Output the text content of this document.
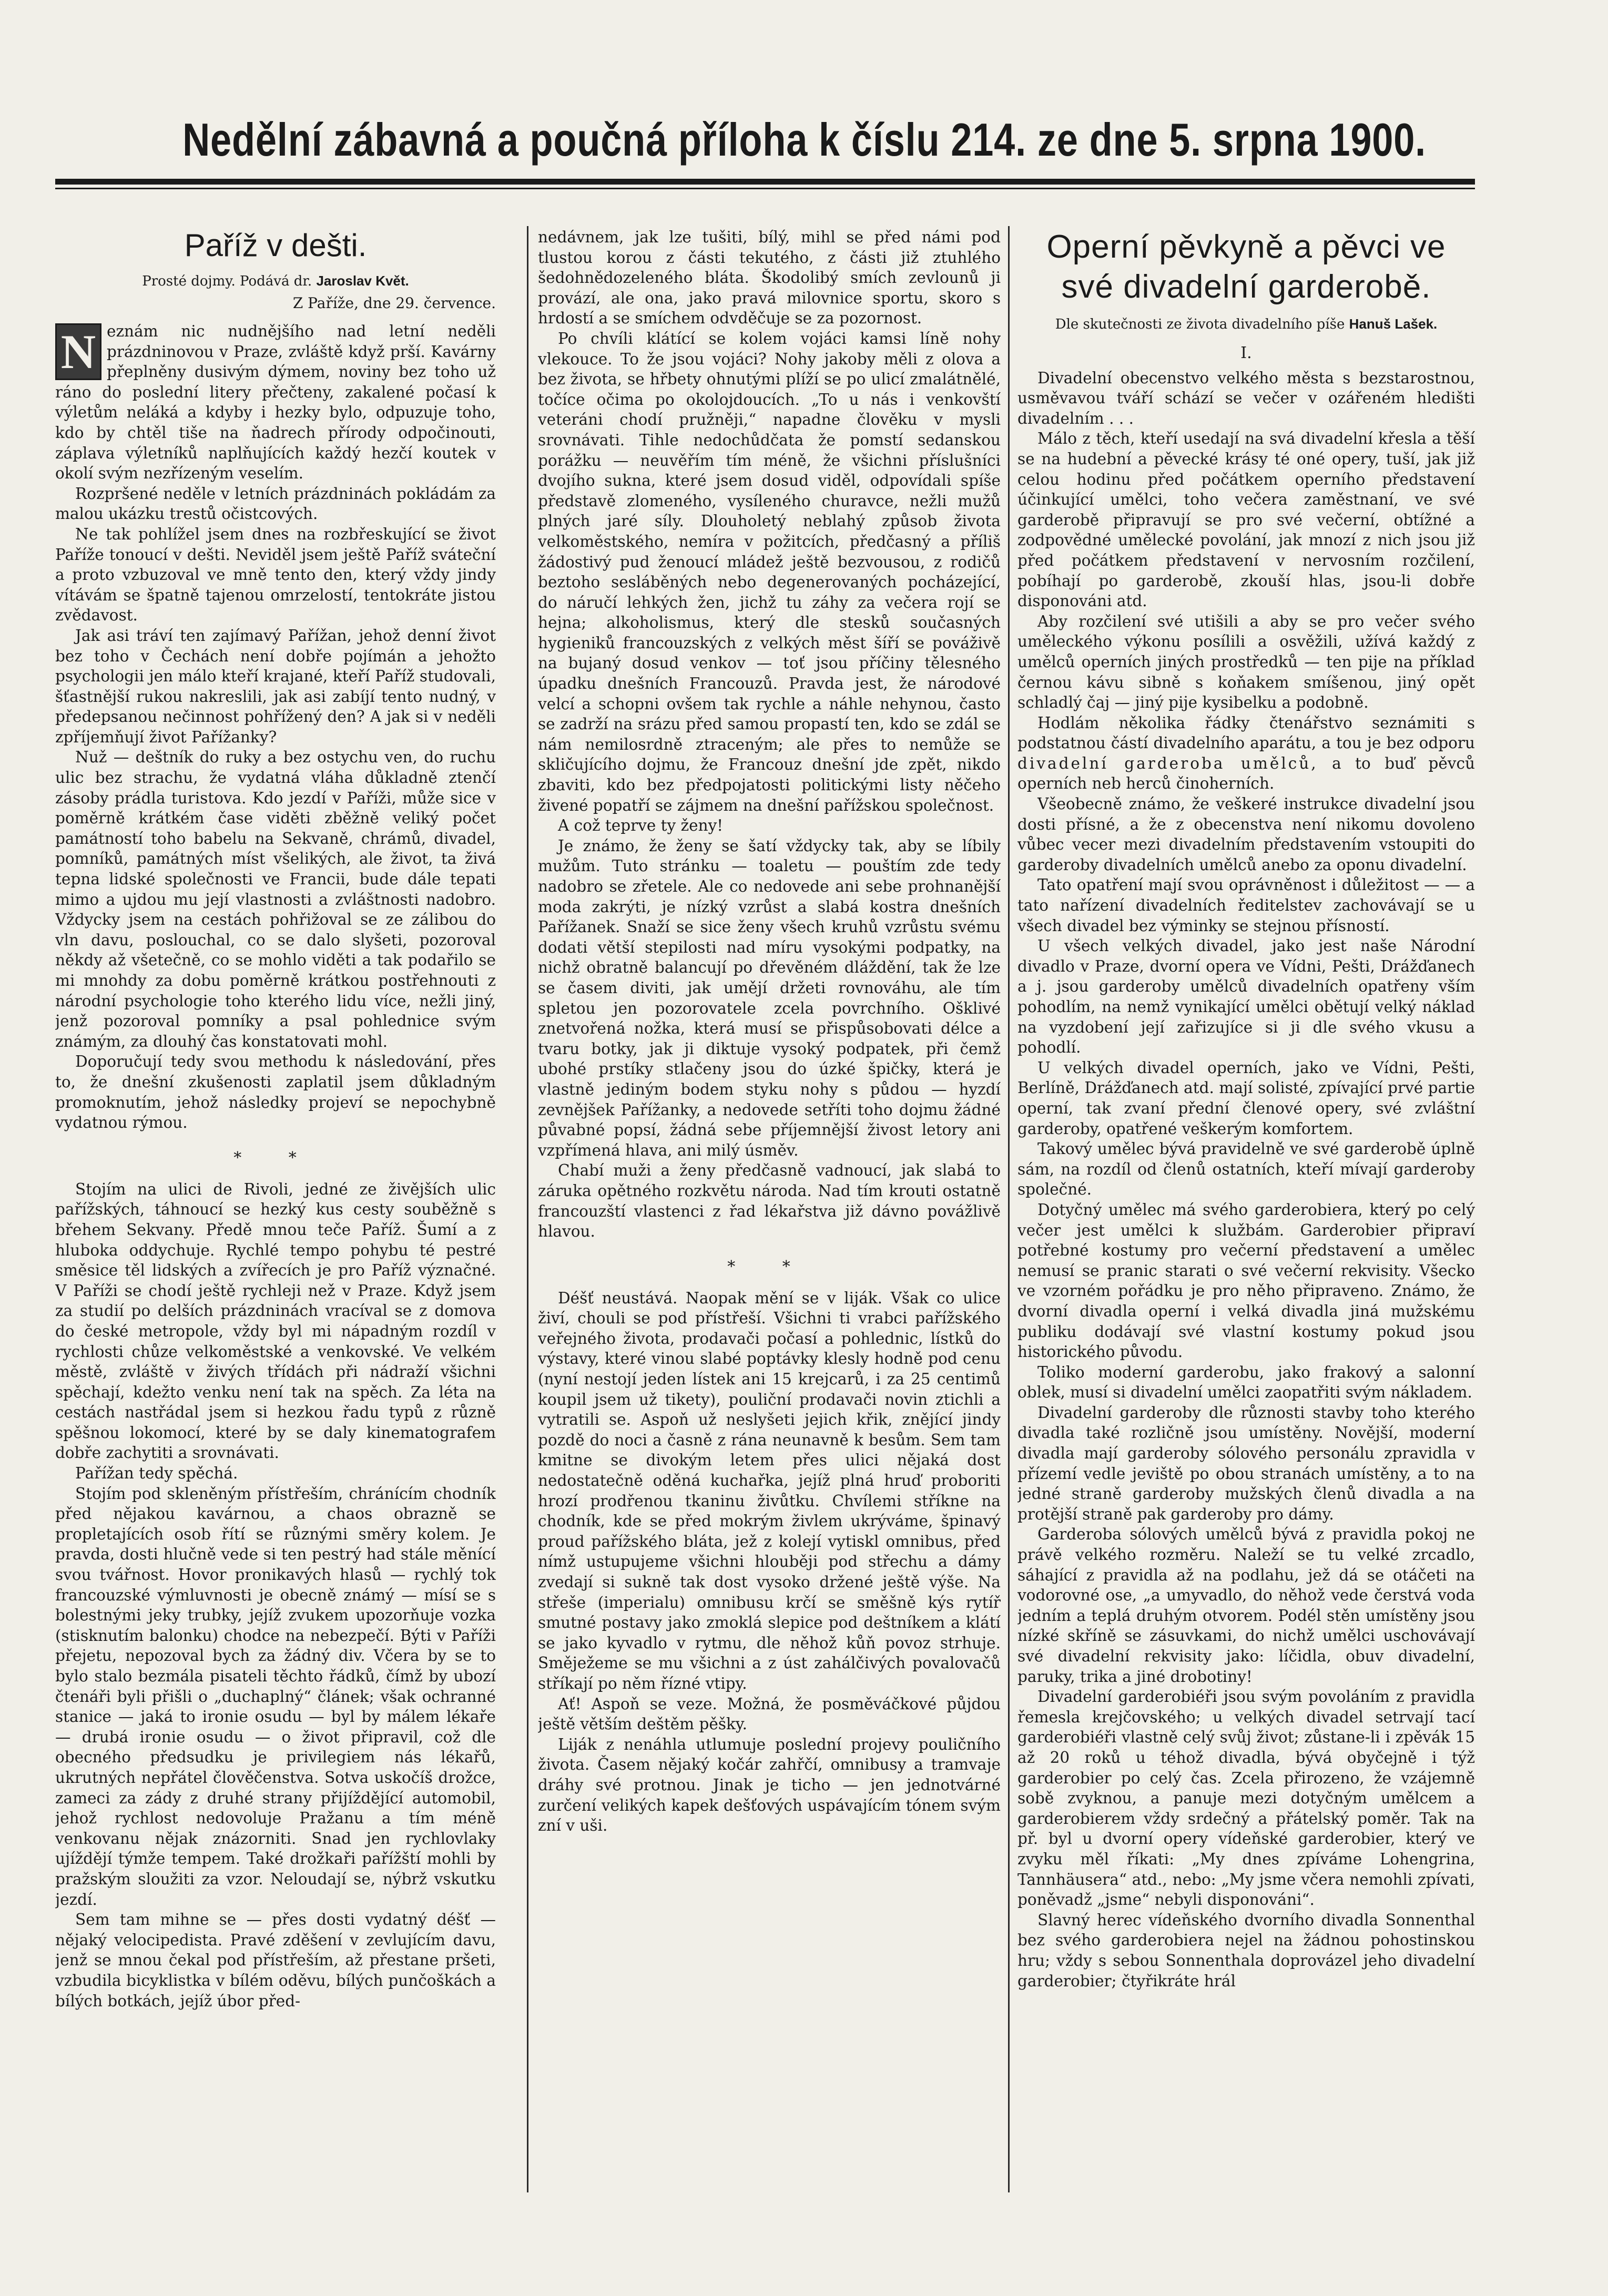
Nedělní zábavná a poučná příloha k číslu 214. ze dne 5. srpna 1900.
Paříž v dešti.
Prosté dojmy. Podává dr. Jaroslav Květ.
Z Paříže, dne 29. července.

N eznám nic nudnějšího nad letní neděli prázdninovou v Praze, zvláště když prší. Kavárny přeplněny dusivým dýmem, noviny bez toho už ráno do poslední litery přečteny, zakalené počasí k výletům neláká a kdyby i hezky bylo, odpuzuje toho, kdo by chtěl tiše na ňadrech přírody odpočinouti, záplava výletníků naplňujících každý hezčí koutek v okolí svým nezřízeným veselím.

Rozpršené neděle v letních prázdninách pokládám za malou ukázku trestů očistcových.

Ne tak pohlížel jsem dnes na rozbřeskující se život Paříže tonoucí v dešti. Neviděl jsem ještě Paříž sváteční a proto vzbuzoval ve mně tento den, který vždy jindy vítávám se špatně tajenou omrzelostí, tentokráte jistou zvědavost.

Jak asi tráví ten zajímavý Pařížan, jehož denní život bez toho v Čechách není dobře pojímán a jehožto psychologii jen málo kteří krajané, kteří Paříž studovali, šťastnější rukou nakreslili, jak asi zabíjí tento nudný, v předepsanou nečinnost pohřížený den? A jak si v neděli zpříjemňují život Pařížanky?

Nuž — deštník do ruky a bez ostychu ven, do ruchu ulic bez strachu, že vydatná vláha důkladně ztenčí zásoby prádla turistova. Kdo jezdí v Paříži, může sice v poměrně krátkém čase viděti zběžně veliký počet památností toho babelu na Sekvaně, chrámů, divadel, pomníků, památných míst všelikých, ale život, ta živá tepna lidské společnosti ve Francii, bude dále tepati mimo a ujdou mu její vlastnosti a zvláštnosti nadobro. Vždycky jsem na cestách pohřižoval se ze zálibou do vln davu, poslouchal, co se dalo slyšeti, pozoroval někdy až všetečně, co se mohlo viděti a tak podařilo se mi mnohdy za dobu poměrně krátkou postřehnouti z národní psychologie toho kterého lidu více, nežli jiný, jenž pozoroval pomníky a psal pohlednice svým známým, za dlouhý čas konstatovati mohl.

Doporučují tedy svou methodu k následování, přes to, že dnešní zkušenosti zaplatil jsem důkladným promoknutím, jehož následky projeví se nepochybně vydatnou rýmou.

* *

Stojím na ulici de Rivoli, jedné ze živějších ulic pařížských, táhnoucí se hezký kus cesty souběžně s břehem Sekvany. Předě mnou teče Paříž. Šumí a z hluboka oddychuje. Rychlé tempo pohybu té pestré směsice těl lidských a zvířecích je pro Paříž význačné. V Paříži se chodí ještě rychleji než v Praze. Když jsem za studií po delších prázdninách vracíval se z domova do české metropole, vždy byl mi nápadným rozdíl v rychlosti chůze velkoměstské a venkovské. Ve velkém městě, zvláště v živých třídách při nádraží všichni spěchají, kdežto venku není tak na spěch. Za léta na cestách nastřádal jsem si hezkou řadu typů z různě spěšnou lokomocí, které by se daly kinematografem dobře zachytiti a srovnávati.

Pařížan tedy spěchá.

Stojím pod skleněným přístřeším, chránícím chodník před nějakou kavárnou, a chaos obrazně se propletajících osob řítí se různými směry kolem. Je pravda, dosti hlučně vede si ten pestrý had stále měnící svou tvářnost. Hovor pronikavých hlasů — rychlý tok francouzské výmluvnosti je obecně známý — mísí se s bolestnými jeky trubky, jejíž zvukem upozorňuje vozka (stisknutím balonku) chodce na nebezpečí. Býti v Paříži přejetu, nepozoval bych za žádný div. Včera by se to bylo stalo bezmála pisateli těchto řádků, čímž by ubozí čtenáři byli přišli o „duchaplný“ článek; však ochranné stanice — jaká to ironie osudu — byl by málem lékaře — drubá ironie osudu — o život připravil, což dle obecného předsudku je privilegiem nás lékařů, ukrutných nepřátel člověčenstva. Sotva uskočíš drožce, zameci za zády z druhé strany přijíždějící automobil, jehož rychlost nedovoluje Pražanu a tím méně venkovanu nějak znázorniti. Snad jen rychlovlaky ujíždějí týmže tempem. Také drožkaři pařížští mohli by pražským sloužiti za vzor. Neloudají se, nýbrž vskutku jezdí.

Sem tam mihne se — přes dosti vydatný déšť — nějaký velocipedista. Pravé zděšení v zevlujícím davu, jenž se mnou čekal pod přístřeším, až přestane pršeti, vzbudila bicyklistka v bílém oděvu, bílých punčoškách a bílých botkách, jejíž úbor před-

nedávnem, jak lze tušiti, bílý, mihl se před námi pod tlustou korou z části tekutého, z části již ztuhlého šedohnědozeleného bláta. Škodolibý smích zevlounů ji provází, ale ona, jako pravá milovnice sportu, skoro s hrdostí a se smíchem odvděčuje se za pozornost.

Po chvíli klátící se kolem vojáci kamsi líně nohy vlekouce. To že jsou vojáci? Nohy jakoby měli z olova a bez života, se hřbety ohnutými plíží se po ulicí zmalátnělé, točíce očima po okolojdoucích. „To u nás i venkovští veteráni chodí pružněji,“ napadne člověku v mysli srovnávati. Tihle nedochůdčata že pomstí sedanskou porážku — neuvěřím tím méně, že všichni příslušníci dvojího sukna, které jsem dosud viděl, odpovídali spíše představě zlomeného, vysíleného churavce, nežli mužů plných jaré síly. Dlouholetý neblahý způsob života velkoměstského, nemíra v požitcích, předčasný a příliš žádostivý pud ženoucí mládež ještě bezvousou, z rodičů beztoho sesláběných nebo degenerovaných pocházející, do náručí lehkých žen, jichž tu záhy za večera rojí se hejna; alkoholismus, který dle stesků současných hygieniků francouzských z velkých měst šíří se pováživě na bujaný dosud venkov — toť jsou příčiny tělesného úpadku dnešních Francouzů. Pravda jest, že národové velcí a schopni ovšem tak rychle a náhle nehynou, často se zadrží na srázu před samou propastí ten, kdo se zdál se nám nemilosrdně ztraceným; ale přes to nemůže se skličujícího dojmu, že Francouz dnešní jde zpět, nikdo zbaviti, kdo bez předpojatosti politickými listy něčeho živené popatří se zájmem na dnešní pařížskou společnost.

A což teprve ty ženy!

Je známo, že ženy se šatí vždycky tak, aby se líbily mužům. Tuto stránku — toaletu — pouštím zde tedy nadobro se zřetele. Ale co nedovede ani sebe prohnanější moda zakrýti, je nízký vzrůst a slabá kostra dnešních Pařížanek. Snaží se sice ženy všech kruhů vzrůstu svému dodati větší stepilosti nad míru vysokými podpatky, na nichž obratně balancují po dřevěném dláždění, tak že lze se časem diviti, jak umějí držeti rovnováhu, ale tím spletou jen pozorovatele zcela povrchního. Ošklivé znetvořená nožka, která musí se přispůsobovati délce a tvaru botky, jak ji diktuje vysoký podpatek, při čemž ubohé prstíky stlačeny jsou do úzké špičky, která je vlastně jediným bodem styku nohy s půdou — hyzdí zevnějšek Pařížanky, a nedovede setříti toho dojmu žádné půvabné popsí, žádná sebe příjemnější živost letory ani vzpřímená hlava, ani milý úsměv.

Chabí muži a ženy předčasně vadnoucí, jak slabá to záruka opětného rozkvětu národa. Nad tím krouti ostatně francouzští vlastenci z řad lékařstva již dávno povážlivě hlavou.

* *

Déšť neustává. Naopak mění se v liják. Však co ulice živí, chouli se pod přístřeší. Všichni ti vrabci pařížského veřejného života, prodavači počasí a pohlednic, lístků do výstavy, které vinou slabé poptávky klesly hodně pod cenu (nyní nestojí jeden lístek ani 15 krejcarů, i za 25 centimů koupil jsem už tikety), pouliční prodavači novin ztichli a vytratili se. Aspoň už neslyšeti jejich křik, znějící jindy pozdě do noci a časně z rána neunavně k besům. Sem tam kmitne se divokým letem přes ulici nějaká dost nedostatečně oděná kuchařka, jejíž plná hruď proboriti hrozí prodřenou tkaninu živůtku. Chvílemi stříkne na chodník, kde se před mokrým živlem ukrýváme, špinavý proud pařížského bláta, jež z kolejí vytiskl omnibus, před nímž ustupujeme všichni hlouběji pod střechu a dámy zvedají si sukně tak dost vysoko držené ještě výše. Na střeše (imperialu) omnibusu krčí se směšně kýs rytíř smutné postavy jako zmoklá slepice pod deštníkem a klátí se jako kyvadlo v rytmu, dle něhož kůň povoz strhuje. Směježeme se mu všichni a z úst zahálčivých povalovačů stříkají po něm řízné vtipy.

Ať! Aspoň se veze. Možná, že posměváčkové půjdou ještě větším deštěm pěšky.

Liják z nenáhla utlumuje poslední projevy pouličního života. Časem nějaký kočár zahřčí, omnibusy a tramvaje dráhy své protnou. Jinak je ticho — jen jednotvárné zurčení velikých kapek dešťových uspávajícím tónem svým zní v uši.

Operní pěvkyně a pěvci ve své divadelní garderobě.
Dle skutečnosti ze života divadelního píše Hanuš Lašek.
I.

Divadelní obecenstvo velkého města s bezstarostnou, usměvavou tváří schází se večer v ozářeném hledišti divadelním . . .

Málo z těch, kteří usedají na svá divadelní křesla a těší se na hudební a pěvecké krásy té oné opery, tuší, jak již celou hodinu před počátkem operního představení účinkující umělci, toho večera zaměstnaní, ve své garderobě připravují se pro své večerní, obtížné a zodpovědné umělecké povolání, jak mnozí z nich jsou již před počátkem představení v nervosním rozčilení, pobíhají po garderobě, zkouší hlas, jsou-li dobře disponováni atd.

Aby rozčilení své utišili a aby se pro večer svého uměleckého výkonu posílili a osvěžili, užívá každý z umělců operních jiných prostředků — ten pije na příklad černou kávu sibně s koňakem smíšenou, jiný opět schladlý čaj — jiný pije kysibelku a podobně.

Hodlám několika řádky čtenářstvo seznámiti s podstatnou částí divadelního aparátu, a tou je bez odporu divadelní garderoba umělců, a to buď pěvců operních neb herců činoherních.

Všeobecně známo, že veškeré instrukce divadelní jsou dosti přísné, a že z obecenstva není nikomu dovoleno vůbec vecer mezi divadelním představením vstoupiti do garderoby divadelních umělců anebo za oponu divadelní.

Tato opatření mají svou oprávněnost i důležitost — — a tato nařízení divadelních ředitelstev zachovávají se u všech divadel bez výminky se stejnou přísností.

U všech velkých divadel, jako jest naše Národní divadlo v Praze, dvorní opera ve Vídni, Pešti, Drážďanech a j. jsou garderoby umělců divadelních opatřeny vším pohodlím, na nemž vynikající umělci obětují velký náklad na vyzdobení její zařizujíce si ji dle svého vkusu a pohodlí.

U velkých divadel operních, jako ve Vídni, Pešti, Berlíně, Drážďanech atd. mají solisté, zpívající prvé partie operní, tak zvaní přední členové opery, své zvláštní garderoby, opatřené veškerým komfortem.

Takový umělec bývá pravidelně ve své garderobě úplně sám, na rozdíl od členů ostatních, kteří mívají garderoby společné.

Dotyčný umělec má svého garderobiera, který po celý večer jest umělci k službám. Garderobier připraví potřebné kostumy pro večerní představení a umělec nemusí se pranic starati o své večerní rekvisity. Všecko ve vzorném pořádku je pro něho připraveno. Známo, že dvorní divadla operní i velká divadla jiná mužskému publiku dodávají své vlastní kostumy pokud jsou historického původu.

Toliko moderní garderobu, jako frakový a salonní oblek, musí si divadelní umělci zaopatřiti svým nákladem.

Divadelní garderoby dle různosti stavby toho kterého divadla také rozličně jsou umístěny. Novější, moderní divadla mají garderoby sólového personálu zpravidla v přízemí vedle jeviště po obou stranách umístěny, a to na jedné straně garderoby mužských členů divadla a na protější straně pak garderoby pro dámy.

Garderoba sólových umělců bývá z pravidla pokoj ne právě velkého rozměru. Naleží se tu velké zrcadlo, sáhající z pravidla až na podlahu, jež dá se otáčeti na vodorovné ose, „a umyvadlo, do něhož vede čerstvá voda jedním a teplá druhým otvorem. Podél stěn umístěny jsou nízké skříně se zásuvkami, do nichž umělci uschovávají své divadelní rekvisity jako: líčidla, obuv divadelní, paruky, trika a jiné drobotiny!

Divadelní garderobiéři jsou svým povoláním z pravidla řemesla krejčovského; u velkých divadel setrvají tací garderobiéři vlastně celý svůj život; zůstane-li i zpěvák 15 až 20 roků u téhož divadla, bývá obyčejně i týž garderobier po celý čas. Zcela přirozeno, že vzájemně sobě zvyknou, a panuje mezi dotyčným umělcem a garderobierem vždy srdečný a přátelský poměr. Tak na př. byl u dvorní opery vídeňské garderobier, který ve zvyku měl říkati: „My dnes zpíváme Lohengrina, Tannhäusera“ atd., nebo: „My jsme včera nemohli zpívati, poněvadž „jsme“ nebyli disponováni“.

Slavný herec vídeňského dvorního divadla Sonnenthal bez svého garderobiera nejel na žádnou pohostinskou hru; vždy s sebou Sonnenthala doprovázel jeho divadelní garderobier; čtyřikráte hrál
